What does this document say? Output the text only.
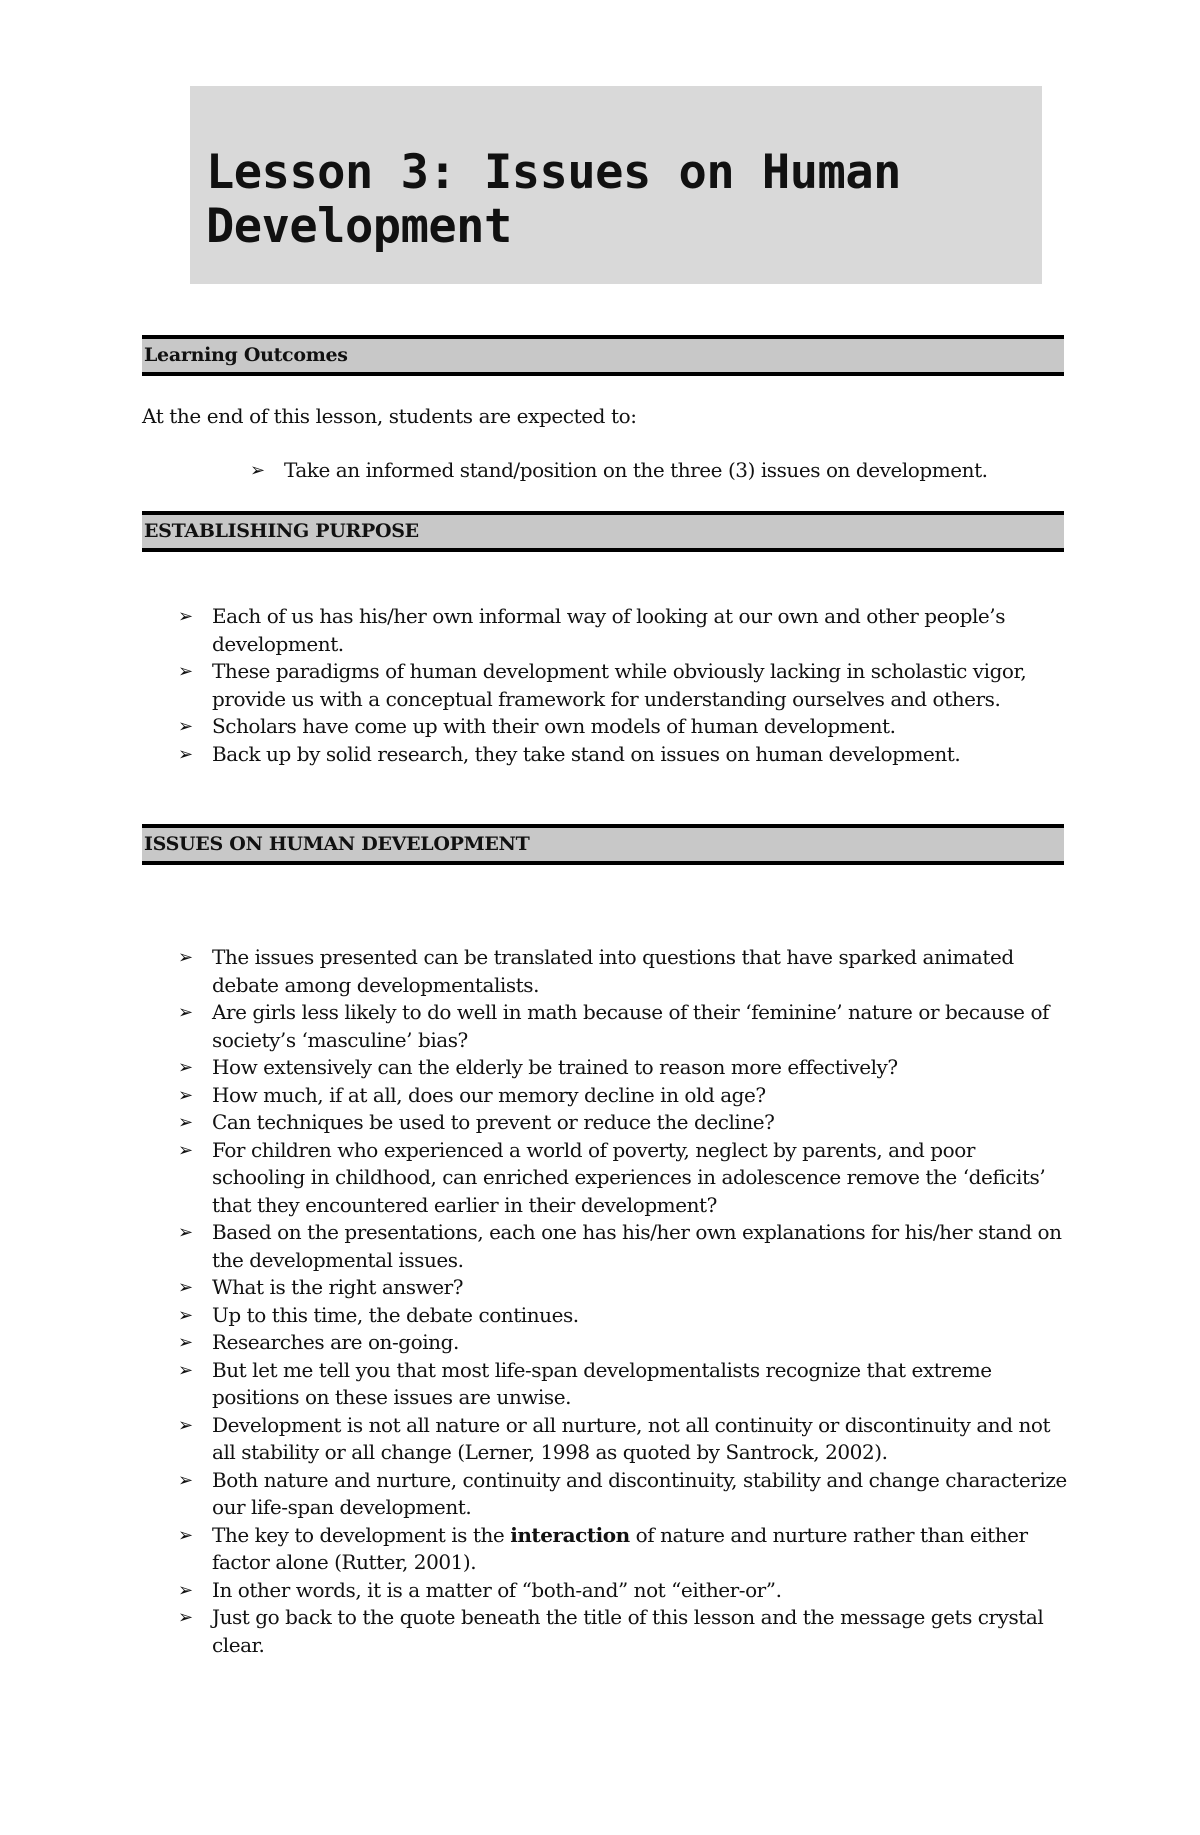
Lesson 3: Issues on Human
Development
Learning Outcomes
At the end of this lesson, students are expected to:
➢ Take an informed stand/position on the three (3) issues on development.
ESTABLISHING PURPOSE
➢ Each of us has his/her own informal way of looking at our own and other people’s development.
➢ These paradigms of human development while obviously lacking in scholastic vigor, provide us with a conceptual framework for understanding ourselves and others.
➢ Scholars have come up with their own models of human development.
➢ Back up by solid research, they take stand on issues on human development.
ISSUES ON HUMAN DEVELOPMENT
➢ The issues presented can be translated into questions that have sparked animated debate among developmentalists.
➢ Are girls less likely to do well in math because of their ‘feminine’ nature or because of society’s ‘masculine’ bias?
➢ How extensively can the elderly be trained to reason more effectively?
➢ How much, if at all, does our memory decline in old age?
➢ Can techniques be used to prevent or reduce the decline?
➢ For children who experienced a world of poverty, neglect by parents, and poor schooling in childhood, can enriched experiences in adolescence remove the ‘deficits’ that they encountered earlier in their development?
➢ Based on the presentations, each one has his/her own explanations for his/her stand on the developmental issues.
➢ What is the right answer?
➢ Up to this time, the debate continues.
➢ Researches are on-going.
➢ But let me tell you that most life-span developmentalists recognize that extreme positions on these issues are unwise.
➢ Development is not all nature or all nurture, not all continuity or discontinuity and not all stability or all change (Lerner, 1998 as quoted by Santrock, 2002).
➢ Both nature and nurture, continuity and discontinuity, stability and change characterize our life-span development.
➢ The key to development is the interaction of nature and nurture rather than either factor alone (Rutter, 2001).
➢ In other words, it is a matter of “both-and” not “either-or”.
➢ Just go back to the quote beneath the title of this lesson and the message gets crystal clear.
